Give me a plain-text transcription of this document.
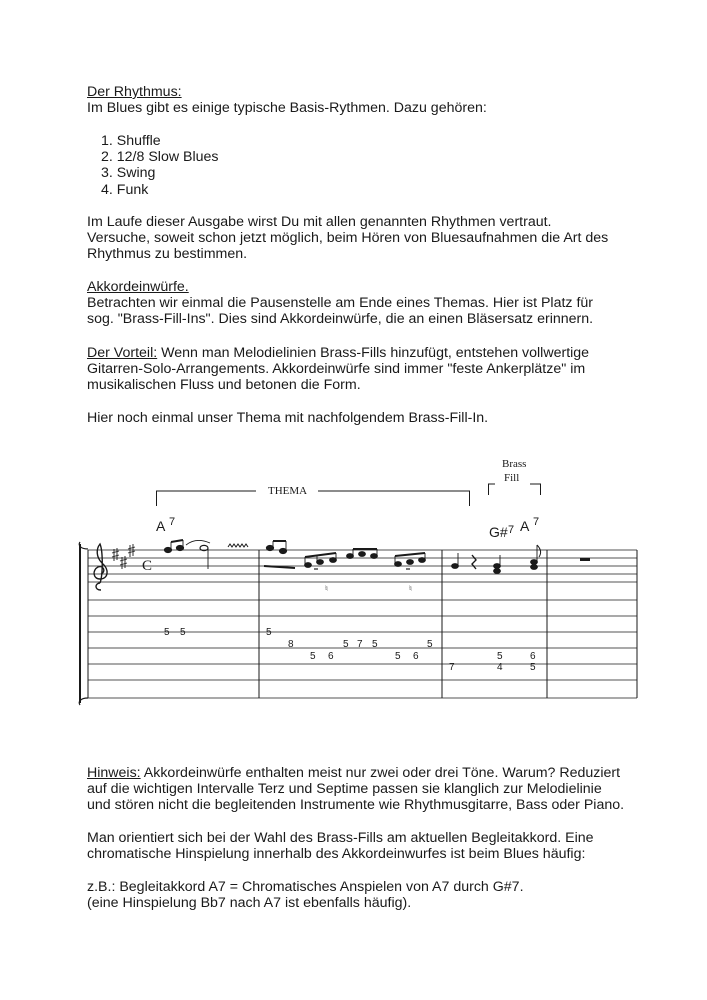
Der Rhythmus:
Im Blues gibt es einige typische Basis-Rythmen. Dazu gehören:
1. Shuffle
2. 12/8 Slow Blues
3. Swing
4. Funk
Im Laufe dieser Ausgabe wirst Du mit allen genannten Rhythmen vertraut.
Versuche, soweit schon jetzt möglich, beim Hören von Bluesaufnahmen die Art des
Rhythmus zu bestimmen.
Akkordeinwürfe.
Betrachten wir einmal die Pausenstelle am Ende eines Themas. Hier ist Platz für
sog. "Brass-Fill-Ins". Dies sind Akkordeinwürfe, die an einen Bläsersatz erinnern.
Der Vorteil: Wenn man Melodielinien Brass-Fills hinzufügt, entstehen vollwertige
Gitarren-Solo-Arrangements. Akkordeinwürfe sind immer "feste Ankerplätze" im
musikalischen Fluss und betonen die Form.
Hier noch einmal unser Thema mit nachfolgendem Brass-Fill-In.
THEMA
Brass
Fill
A 7
G# 7 A 7
C
♮	♮
5 5	5
8
5 6
5 7 5
5 6
5
7
5
4
6
5
Hinweis: Akkordeinwürfe enthalten meist nur zwei oder drei Töne. Warum? Reduziert
auf die wichtigen Intervalle Terz und Septime passen sie klanglich zur Melodielinie
und stören nicht die begleitenden Instrumente wie Rhythmusgitarre, Bass oder Piano.
Man orientiert sich bei der Wahl des Brass-Fills am aktuellen Begleitakkord. Eine
chromatische Hinspielung innerhalb des Akkordeinwurfes ist beim Blues häufig:
z.B.: Begleitakkord A7 = Chromatisches Anspielen von A7 durch G#7.
(eine Hinspielung Bb7 nach A7 ist ebenfalls häufig).
